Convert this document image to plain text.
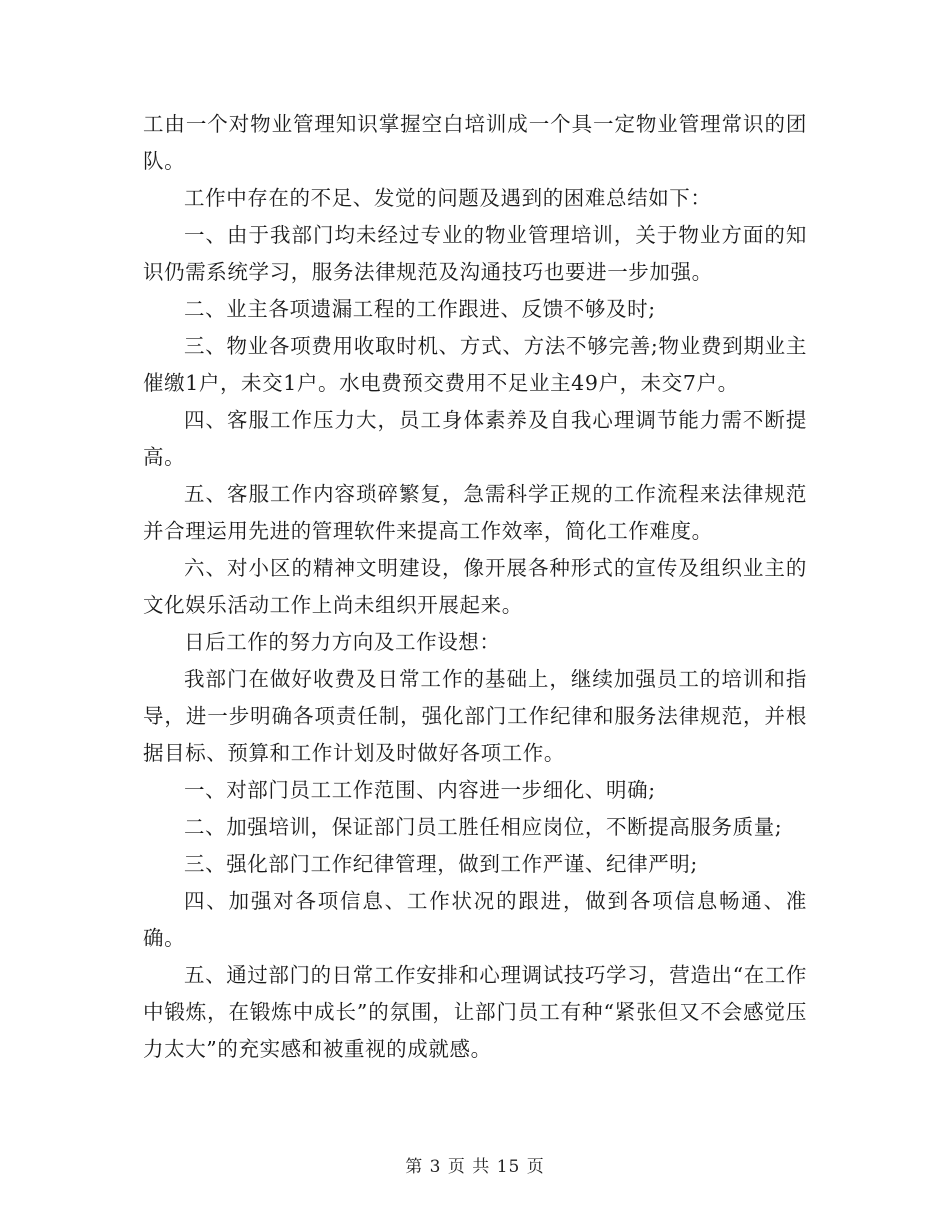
工由一个对物业管理知识掌握空白培训成一个具一定物业管理常识的团队。

工作中存在的不足、发觉的问题及遇到的困难总结如下：

一、由于我部门均未经过专业的物业管理培训，关于物业方面的知识仍需系统学习，服务法律规范及沟通技巧也要进一步加强。

二、业主各项遗漏工程的工作跟进、反馈不够及时;

三、物业各项费用收取时机、方式、方法不够完善;物业费到期业主催缴1户，未交1户。水电费预交费用不足业主49户，未交7户。

四、客服工作压力大，员工身体素养及自我心理调节能力需不断提高。

五、客服工作内容琐碎繁复，急需科学正规的工作流程来法律规范并合理运用先进的管理软件来提高工作效率，简化工作难度。

六、对小区的精神文明建设，像开展各种形式的宣传及组织业主的文化娱乐活动工作上尚未组织开展起来。

日后工作的努力方向及工作设想：

我部门在做好收费及日常工作的基础上，继续加强员工的培训和指导，进一步明确各项责任制，强化部门工作纪律和服务法律规范，并根据目标、预算和工作计划及时做好各项工作。

一、对部门员工工作范围、内容进一步细化、明确;

二、加强培训，保证部门员工胜任相应岗位，不断提高服务质量;

三、强化部门工作纪律管理，做到工作严谨、纪律严明;

四、加强对各项信息、工作状况的跟进，做到各项信息畅通、准确。

五、通过部门的日常工作安排和心理调试技巧学习，营造出“在工作中锻炼，在锻炼中成长”的氛围，让部门员工有种“紧张但又不会感觉压力太大”的充实感和被重视的成就感。

第 3 页 共 15 页
